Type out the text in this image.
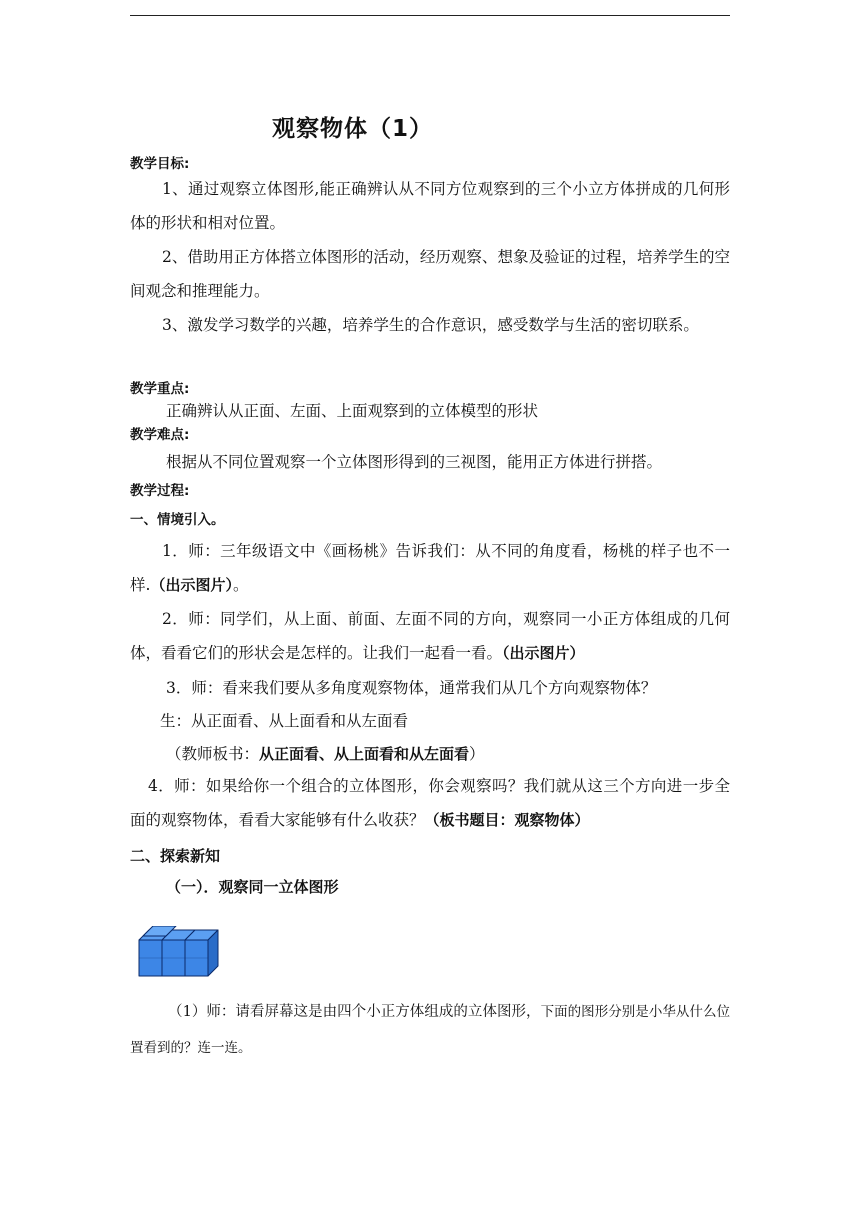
观察物体（1）
教学目标:
1、通过观察立体图形,能正确辨认从不同方位观察到的三个小立方体拼成的几何形体的形状和相对位置。
2、借助用正方体搭立体图形的活动，经历观察、想象及验证的过程，培养学生的空间观念和推理能力。
3、激发学习数学的兴趣，培养学生的合作意识，感受数学与生活的密切联系。
教学重点:
正确辨认从正面、左面、上面观察到的立体模型的形状
教学难点:
根据从不同位置观察一个立体图形得到的三视图，能用正方体进行拼搭。
教学过程:
一、情境引入。
1．师：三年级语文中《画杨桃》告诉我们：从不同的角度看，杨桃的样子也不一样.（出示图片）。
2．师：同学们，从上面、前面、左面不同的方向，观察同一小正方体组成的几何体，看看它们的形状会是怎样的。让我们一起看一看。（出示图片）
3．师：看来我们要从多角度观察物体，通常我们从几个方向观察物体？
生：从正面看、从上面看和从左面看
（教师板书：从正面看、从上面看和从左面看）
4．师：如果给你一个组合的立体图形，你会观察吗？我们就从这三个方向进一步全面的观察物体，看看大家能够有什么收获？（板书题目：观察物体）
二、探索新知
（一）．观察同一立体图形
（1）师：请看屏幕这是由四个小正方体组成的立体图形，下面的图形分别是小华从什么位置看到的？连一连。
